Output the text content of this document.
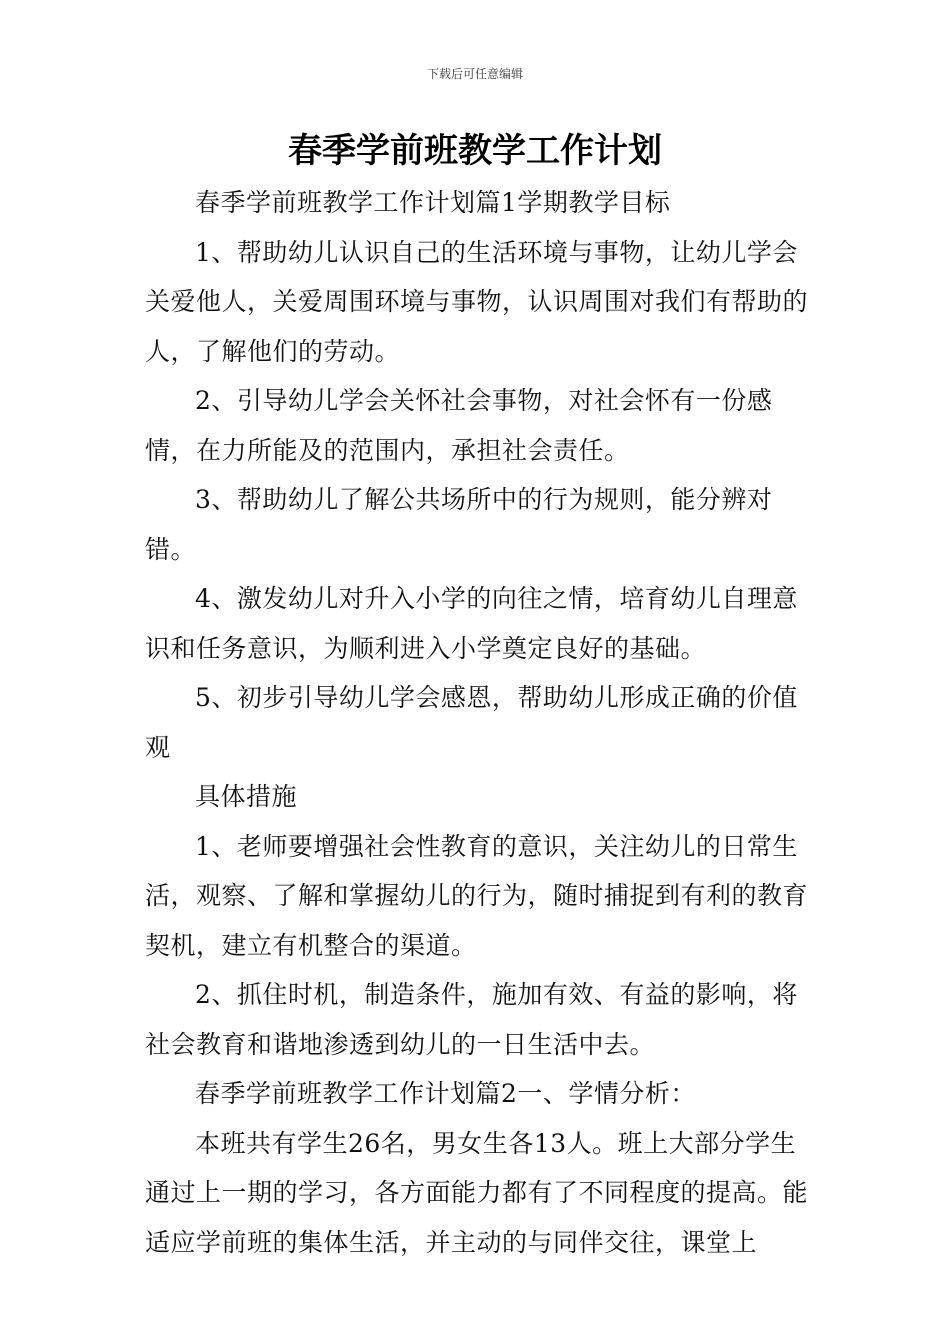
下载后可任意编辑
春季学前班教学工作计划

春季学前班教学工作计划篇1学期教学目标

1、帮助幼儿认识自己的生活环境与事物，让幼儿学会关爱他人，关爱周围环境与事物，认识周围对我们有帮助的人，了解他们的劳动。

2、引导幼儿学会关怀社会事物，对社会怀有一份感情，在力所能及的范围内，承担社会责任。

3、帮助幼儿了解公共场所中的行为规则，能分辨对错。

4、激发幼儿对升入小学的向往之情，培育幼儿自理意识和任务意识，为顺利进入小学奠定良好的基础。

5、初步引导幼儿学会感恩，帮助幼儿形成正确的价值观

具体措施

1、老师要增强社会性教育的意识，关注幼儿的日常生活，观察、了解和掌握幼儿的行为，随时捕捉到有利的教育契机，建立有机整合的渠道。

2、抓住时机，制造条件，施加有效、有益的影响，将社会教育和谐地渗透到幼儿的一日生活中去。

春季学前班教学工作计划篇2一、学情分析：

本班共有学生26名，男女生各13人。班上大部分学生通过上一期的学习，各方面能力都有了不同程度的提高。能适应学前班的集体生活，并主动的与同伴交往，课堂上
